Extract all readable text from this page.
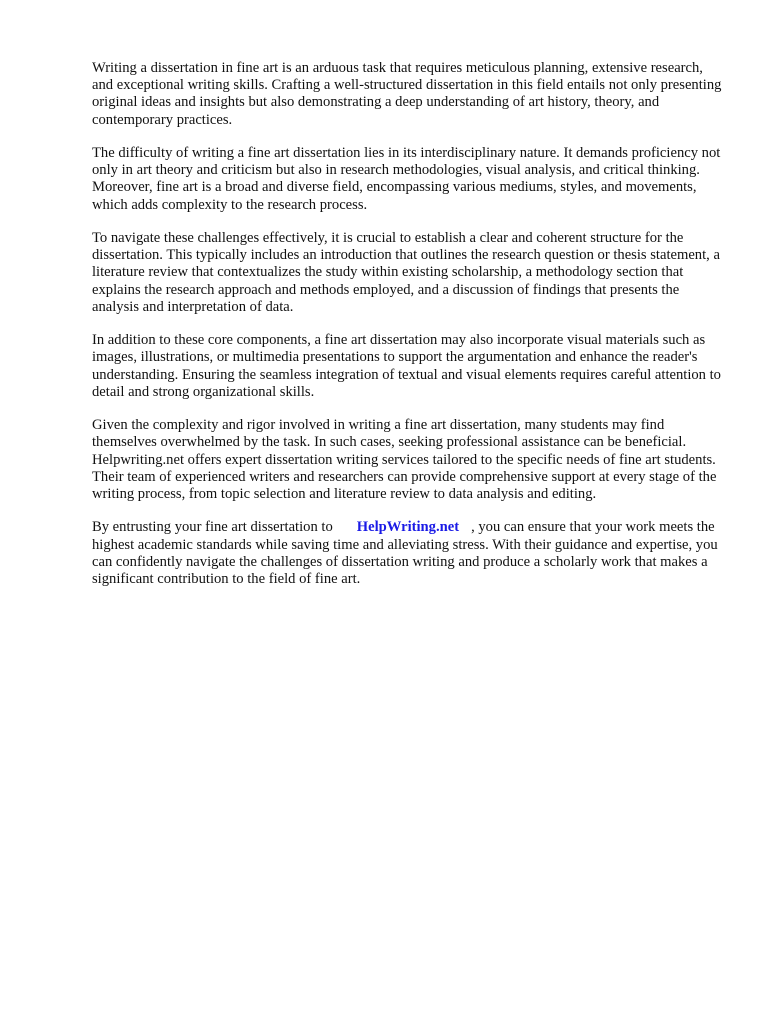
Writing a dissertation in fine art is an arduous task that requires meticulous planning, extensive research, and exceptional writing skills. Crafting a well-structured dissertation in this field entails not only presenting original ideas and insights but also demonstrating a deep understanding of art history, theory, and contemporary practices.

The difficulty of writing a fine art dissertation lies in its interdisciplinary nature. It demands proficiency not only in art theory and criticism but also in research methodologies, visual analysis, and critical thinking. Moreover, fine art is a broad and diverse field, encompassing various mediums, styles, and movements, which adds complexity to the research process.

To navigate these challenges effectively, it is crucial to establish a clear and coherent structure for the dissertation. This typically includes an introduction that outlines the research question or thesis statement, a literature review that contextualizes the study within existing scholarship, a methodology section that explains the research approach and methods employed, and a discussion of findings that presents the analysis and interpretation of data.

In addition to these core components, a fine art dissertation may also incorporate visual materials such as images, illustrations, or multimedia presentations to support the argumentation and enhance the reader's understanding. Ensuring the seamless integration of textual and visual elements requires careful attention to detail and strong organizational skills.

Given the complexity and rigor involved in writing a fine art dissertation, many students may find themselves overwhelmed by the task. In such cases, seeking professional assistance can be beneficial. Helpwriting.net offers expert dissertation writing services tailored to the specific needs of fine art students. Their team of experienced writers and researchers can provide comprehensive support at every stage of the writing process, from topic selection and literature review to data analysis and editing.

By entrusting your fine art dissertation to HelpWriting.net , you can ensure that your work meets the highest academic standards while saving time and alleviating stress. With their guidance and expertise, you can confidently navigate the challenges of dissertation writing and produce a scholarly work that makes a significant contribution to the field of fine art.
